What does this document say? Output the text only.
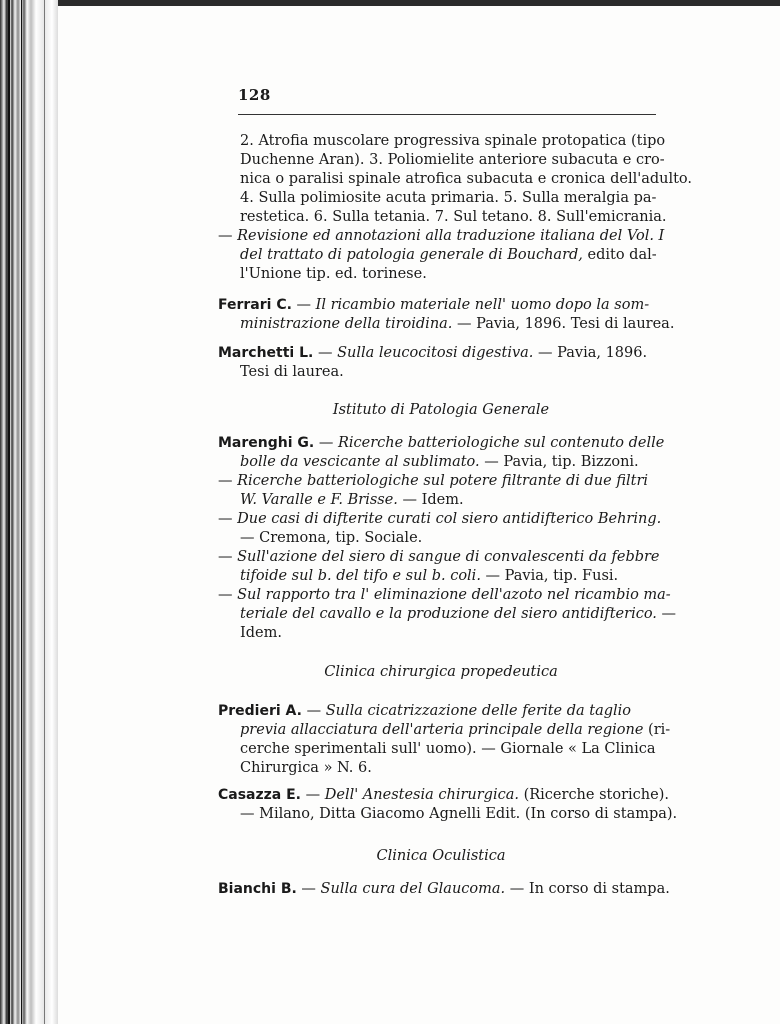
128
2. Atrofia muscolare progressiva spinale protopatica (tipo
Duchenne Aran). 3. Poliomielite anteriore subacuta e cro-
nica o paralisi spinale atrofica subacuta e cronica dell'adulto.
4. Sulla polimiosite acuta primaria. 5. Sulla meralgia pa-
restetica. 6. Sulla tetania. 7. Sul tetano. 8. Sull'emicrania.
— Revisione ed annotazioni alla traduzione italiana del Vol. I
del trattato di patologia generale di Bouchard, edito dal-
l'Unione tip. ed. torinese.
Ferrari C. — Il ricambio materiale nell' uomo dopo la som-
ministrazione della tiroidina. — Pavia, 1896. Tesi di laurea.
Marchetti L. — Sulla leucocitosi digestiva. — Pavia, 1896.
Tesi di laurea.
Istituto di Patologia Generale
Marenghi G. — Ricerche batteriologiche sul contenuto delle
bolle da vescicante al sublimato. — Pavia, tip. Bizzoni.
— Ricerche batteriologiche sul potere filtrante di due filtri
W. Varalle e F. Brisse. — Idem.
— Due casi di difterite curati col siero antidifterico Behring.
— Cremona, tip. Sociale.
— Sull'azione del siero di sangue di convalescenti da febbre
tifoide sul b. del tifo e sul b. coli. — Pavia, tip. Fusi.
— Sul rapporto tra l' eliminazione dell'azoto nel ricambio ma-
teriale del cavallo e la produzione del siero antidifterico. —
Idem.
Clinica chirurgica propedeutica
Predieri A. — Sulla cicatrizzazione delle ferite da taglio
previa allacciatura dell'arteria principale della regione (ri-
cerche sperimentali sull' uomo). — Giornale « La Clinica
Chirurgica » N. 6.
Casazza E. — Dell' Anestesia chirurgica. (Ricerche storiche).
— Milano, Ditta Giacomo Agnelli Edit. (In corso di stampa).
Clinica Oculistica
Bianchi B. — Sulla cura del Glaucoma. — In corso di stampa.
